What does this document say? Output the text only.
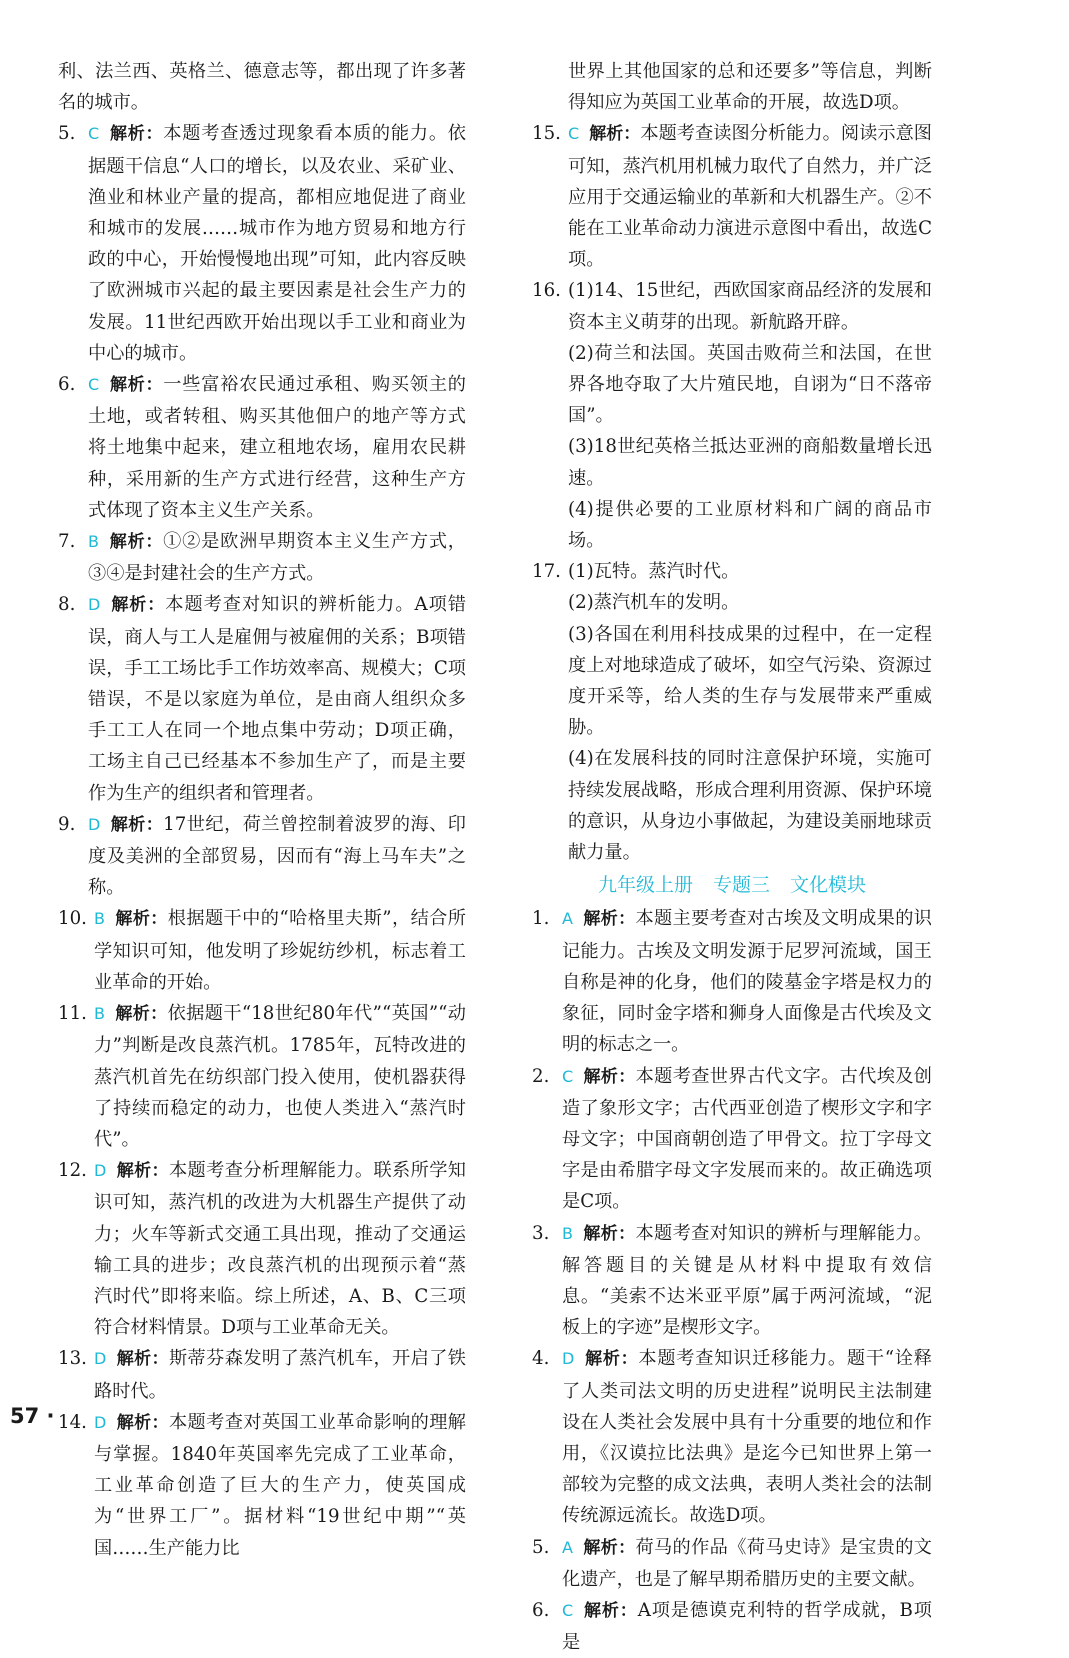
利、法兰西、英格兰、德意志等，都出现了许多著名的城市。

5. C 解析：本题考查透过现象看本质的能力。依据题干信息“人口的增长，以及农业、采矿业、渔业和林业产量的提高，都相应地促进了商业和城市的发展……城市作为地方贸易和地方行政的中心，开始慢慢地出现”可知，此内容反映了欧洲城市兴起的最主要因素是社会生产力的发展。11世纪西欧开始出现以手工业和商业为中心的城市。

6. C 解析：一些富裕农民通过承租、购买领主的土地，或者转租、购买其他佃户的地产等方式将土地集中起来，建立租地农场，雇用农民耕种，采用新的生产方式进行经营，这种生产方式体现了资本主义生产关系。

7. B 解析：①②是欧洲早期资本主义生产方式，③④是封建社会的生产方式。

8. D 解析：本题考查对知识的辨析能力。A项错误，商人与工人是雇佣与被雇佣的关系；B项错误，手工工场比手工作坊效率高、规模大；C项错误，不是以家庭为单位，是由商人组织众多手工工人在同一个地点集中劳动；D项正确，工场主自己已经基本不参加生产了，而是主要作为生产的组织者和管理者。

9. D 解析：17世纪，荷兰曾控制着波罗的海、印度及美洲的全部贸易，因而有“海上马车夫”之称。

10. B 解析：根据题干中的“哈格里夫斯”，结合所学知识可知，他发明了珍妮纺纱机，标志着工业革命的开始。

11. B 解析：依据题干“18世纪80年代”“英国”“动力”判断是改良蒸汽机。1785年，瓦特改进的蒸汽机首先在纺织部门投入使用，使机器获得了持续而稳定的动力，也使人类进入“蒸汽时代”。

12. D 解析：本题考查分析理解能力。联系所学知识可知，蒸汽机的改进为大机器生产提供了动力；火车等新式交通工具出现，推动了交通运输工具的进步；改良蒸汽机的出现预示着“蒸汽时代”即将来临。综上所述，A、B、C三项符合材料情景。D项与工业革命无关。

13. D 解析：斯蒂芬森发明了蒸汽机车，开启了铁路时代。

14. D 解析：本题考查对英国工业革命影响的理解与掌握。1840年英国率先完成了工业革命，工业革命创造了巨大的生产力，使英国成为“世界工厂”。据材料“19世纪中期”“英国……生产能力比

世界上其他国家的总和还要多”等信息，判断得知应为英国工业革命的开展，故选D项。

15. C 解析：本题考查读图分析能力。阅读示意图可知，蒸汽机用机械力取代了自然力，并广泛应用于交通运输业的革新和大机器生产。②不能在工业革命动力演进示意图中看出，故选C项。

16. (1)14、15世纪，西欧国家商品经济的发展和资本主义萌芽的出现。新航路开辟。

(2)荷兰和法国。英国击败荷兰和法国，在世界各地夺取了大片殖民地，自诩为“日不落帝国”。

(3)18世纪英格兰抵达亚洲的商船数量增长迅速。

(4)提供必要的工业原材料和广阔的商品市场。

17. (1)瓦特。蒸汽时代。

(2)蒸汽机车的发明。

(3)各国在利用科技成果的过程中，在一定程度上对地球造成了破坏，如空气污染、资源过度开采等，给人类的生存与发展带来严重威胁。

(4)在发展科技的同时注意保护环境，实施可持续发展战略，形成合理利用资源、保护环境的意识，从身边小事做起，为建设美丽地球贡献力量。

九年级上册 专题三 文化模块

1. A 解析：本题主要考查对古埃及文明成果的识记能力。古埃及文明发源于尼罗河流域，国王自称是神的化身，他们的陵墓金字塔是权力的象征，同时金字塔和狮身人面像是古代埃及文明的标志之一。

2. C 解析：本题考查世界古代文字。古代埃及创造了象形文字；古代西亚创造了楔形文字和字母文字；中国商朝创造了甲骨文。拉丁字母文字是由希腊字母文字发展而来的。故正确选项是C项。

3. B 解析：本题考查对知识的辨析与理解能力。解答题目的关键是从材料中提取有效信息。“美索不达米亚平原”属于两河流域，“泥板上的字迹”是楔形文字。

4. D 解析：本题考查知识迁移能力。题干“诠释了人类司法文明的历史进程”说明民主法制建设在人类社会发展中具有十分重要的地位和作用，《汉谟拉比法典》是迄今已知世界上第一部较为完整的成文法典，表明人类社会的法制传统源远流长。故选D项。

5. A 解析：荷马的作品《荷马史诗》是宝贵的文化遗产，也是了解早期希腊历史的主要文献。

6. C 解析：A项是德谟克利特的哲学成就，B项是

57 ·
